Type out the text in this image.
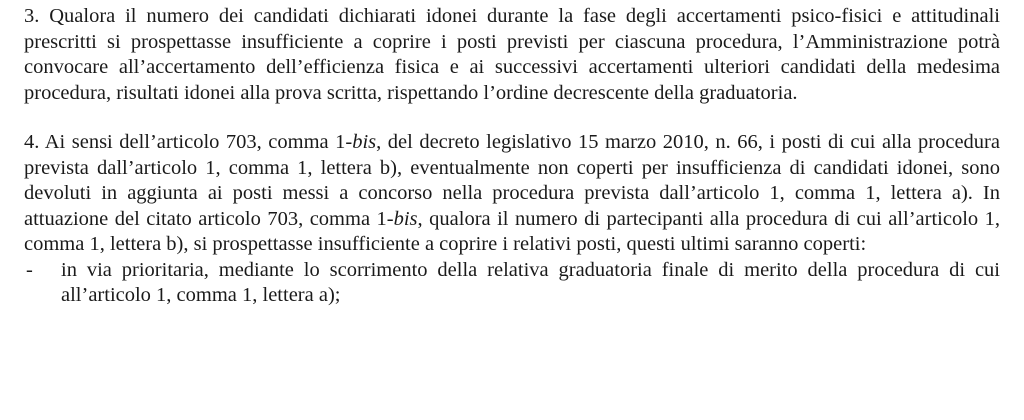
3. Qualora il numero dei candidati dichiarati idonei durante la fase degli accertamenti psico-fisici e attitudinali prescritti si prospettasse insufficiente a coprire i posti previsti per ciascuna procedura, l’Amministrazione potrà convocare all’accertamento dell’efficienza fisica e ai successivi accertamenti ulteriori candidati della medesima procedura, risultati idonei alla prova scritta, rispettando l’ordine decrescente della graduatoria.

4. Ai sensi dell’articolo 703, comma 1-bis, del decreto legislativo 15 marzo 2010, n. 66, i posti di cui alla procedura prevista dall’articolo 1, comma 1, lettera b), eventualmente non coperti per insufficienza di candidati idonei, sono devoluti in aggiunta ai posti messi a concorso nella procedura prevista dall’articolo 1, comma 1, lettera a). In attuazione del citato articolo 703, comma 1-bis, qualora il numero di partecipanti alla procedura di cui all’articolo 1, comma 1, lettera b), si prospettasse insufficiente a coprire i relativi posti, questi ultimi saranno coperti:

- in via prioritaria, mediante lo scorrimento della relativa graduatoria finale di merito della procedura di cui all’articolo 1, comma 1, lettera a);
